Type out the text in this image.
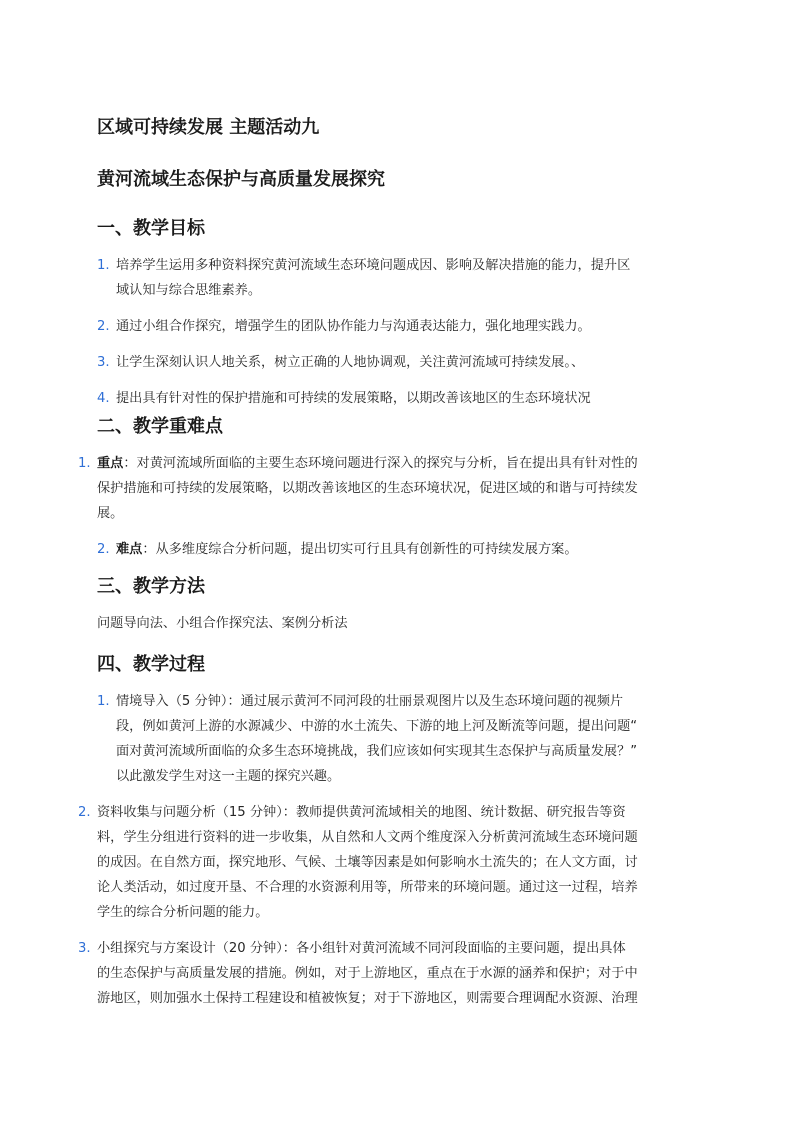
区域可持续发展 主题活动九
黄河流域生态保护与高质量发展探究
一、教学目标
1. 培养学生运用多种资料探究黄河流域生态环境问题成因、影响及解决措施的能力，提升区
域认知与综合思维素养。
2. 通过小组合作探究，增强学生的团队协作能力与沟通表达能力，强化地理实践力。
3. 让学生深刻认识人地关系，树立正确的人地协调观，关注黄河流域可持续发展。、
4. 提出具有针对性的保护措施和可持续的发展策略，以期改善该地区的生态环境状况
二、教学重难点
1. 重点：对黄河流域所面临的主要生态环境问题进行深入的探究与分析，旨在提出具有针对性的
保护措施和可持续的发展策略，以期改善该地区的生态环境状况，促进区域的和谐与可持续发
展。
2. 难点：从多维度综合分析问题，提出切实可行且具有创新性的可持续发展方案。
三、教学方法
问题导向法、小组合作探究法、案例分析法
四、教学过程
1. 情境导入（5 分钟）：通过展示黄河不同河段的壮丽景观图片以及生态环境问题的视频片
段，例如黄河上游的水源减少、中游的水土流失、下游的地上河及断流等问题，提出问题“
面对黄河流域所面临的众多生态环境挑战，我们应该如何实现其生态保护与高质量发展？”
以此激发学生对这一主题的探究兴趣。
2. 资料收集与问题分析（15 分钟）：教师提供黄河流域相关的地图、统计数据、研究报告等资
料，学生分组进行资料的进一步收集，从自然和人文两个维度深入分析黄河流域生态环境问题
的成因。在自然方面，探究地形、气候、土壤等因素是如何影响水土流失的；在人文方面，讨
论人类活动，如过度开垦、不合理的水资源利用等，所带来的环境问题。通过这一过程，培养
学生的综合分析问题的能力。
3. 小组探究与方案设计（20 分钟）：各小组针对黄河流域不同河段面临的主要问题，提出具体
的生态保护与高质量发展的措施。例如，对于上游地区，重点在于水源的涵养和保护；对于中
游地区，则加强水土保持工程建设和植被恢复；对于下游地区，则需要合理调配水资源、治理
